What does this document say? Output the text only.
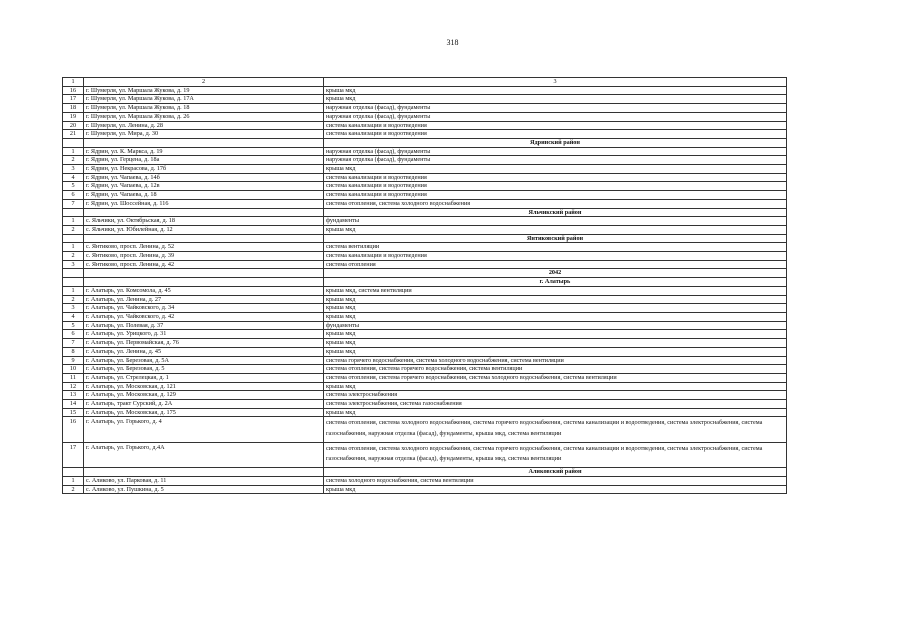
318
1	2	3
16	г. Шумерля, ул. Маршала Жукова, д. 19	крыша мкд
17	г. Шумерля, ул. Маршала Жукова, д. 17А	крыша мкд
18	г. Шумерля, ул. Маршала Жукова, д. 18	наружная отделка (фасад), фундаменты
19	г. Шумерля, ул. Маршала Жукова, д. 26	наружная отделка (фасад), фундаменты
20	г. Шумерля, ул. Ленина, д. 28	система канализации и водоотведения
21	г. Шумерля, ул. Мира, д. 30	система канализации и водоотведения
		Ядринский район
1	г. Ядрин, ул. К. Маркса, д. 19	наружная отделка (фасад), фундаменты
2	г. Ядрин, ул. Герцена, д. 18а	наружная отделка (фасад), фундаменты
3	г. Ядрин, ул. Некрасова, д. 17б	крыша мкд
4	г. Ядрин, ул. Чапаева, д. 14б	система канализации и водоотведения
5	г. Ядрин, ул. Чапаева, д. 12в	система канализации и водоотведения
6	г. Ядрин, ул. Чапаева, д. 18	система канализации и водоотведения
7	г. Ядрин, ул. Шоссейная, д. 116	система отопления, система холодного водоснабжения
		Яльчикский район
1	с. Яльчики, ул. Октябрьская, д. 18	фундаменты
2	с. Яльчики, ул. Юбилейная, д. 12	крыша мкд
		Янтиковский район
1	с. Янтиково, просп. Ленина, д. 52	система вентиляции
2	с. Янтиково, просп. Ленина, д. 39	система канализации и водоотведения
3	с. Янтиково, просп. Ленина, д. 42	система отопления
		2042
		г. Алатырь
1	г. Алатырь, ул. Комсомола, д. 45	крыша мкд, система вентиляции
2	г. Алатырь, ул. Ленина, д. 27	крыша мкд
3	г. Алатырь, ул. Чайковского, д. 34	крыша мкд
4	г. Алатырь, ул. Чайковского, д. 42	крыша мкд
5	г. Алатырь, ул. Полевая, д. 37	фундаменты
6	г. Алатырь, ул. Урицкого, д. 31	крыша мкд
7	г. Алатырь, ул. Первомайская, д. 76	крыша мкд
8	г. Алатырь, ул. Ленина, д. 45	крыша мкд
9	г. Алатырь, ул. Березовая, д. 5А	система горячего водоснабжения, система холодного водоснабжения, система вентиляции
10	г. Алатырь, ул. Березовая, д. 5	система отопления, система горячего водоснабжения, система вентиляции
11	г. Алатырь, ул. Стрелецкая, д. 1	система отопления, система горячего водоснабжения, система холодного водоснабжения, система вентиляции
12	г. Алатырь, ул. Московская, д. 121	крыша мкд
13	г. Алатырь, ул. Московская, д. 129	система электроснабжения
14	г. Алатырь, тракт Сурский, д. 2А	система электроснабжения, система газоснабжения
15	г. Алатырь, ул. Московская, д. 175	крыша мкд
16	г. Алатырь, ул. Горького, д. 4	система отопления, система холодного водоснабжения, система горячего водоснабжения, система канализации и водоотведения, система электроснабжения, система газоснабжения, наружная отделка (фасад), фундаменты, крыша мкд, система вентиляции
17	г. Алатырь, ул. Горького, д.4А	система отопления, система холодного водоснабжения, система горячего водоснабжения, система канализации и водоотведения, система электроснабжения, система газоснабжения, наружная отделка (фасад), фундаменты, крыша мкд, система вентиляции
		Аликовский район
1	с. Аликово, ул. Парковая, д. 11	система холодного водоснабжения, система вентиляции
2	с. Аликово, ул. Пушкина, д. 5	крыша мкд
